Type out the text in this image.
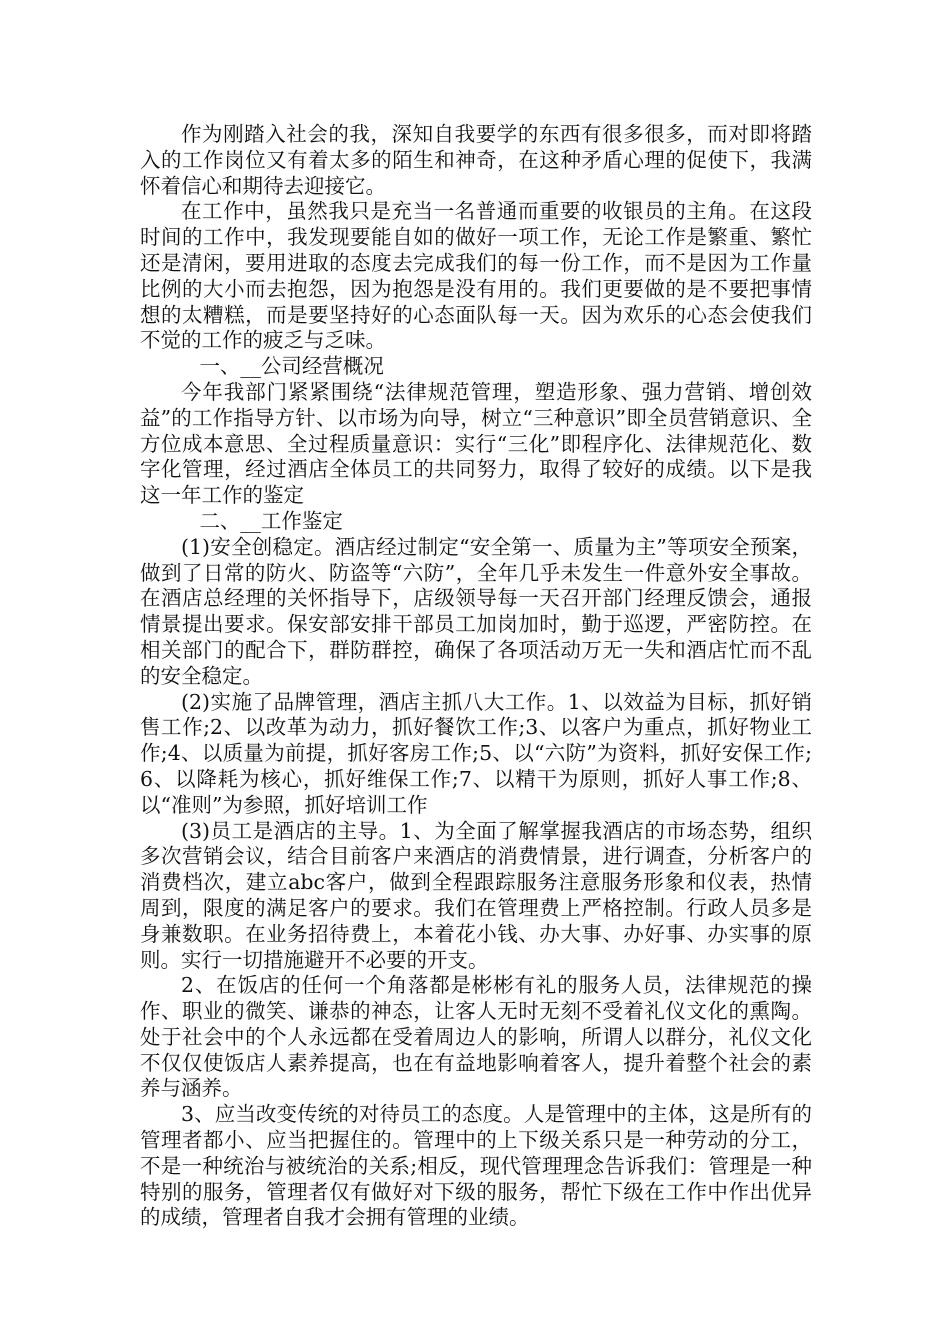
作为刚踏入社会的我，深知自我要学的东西有很多很多，而对即将踏入的工作岗位又有着太多的陌生和神奇，在这种矛盾心理的促使下，我满怀着信心和期待去迎接它。

在工作中，虽然我只是充当一名普通而重要的收银员的主角。在这段时间的工作中，我发现要能自如的做好一项工作，无论工作是繁重、繁忙还是清闲，要用进取的态度去完成我们的每一份工作，而不是因为工作量比例的大小而去抱怨，因为抱怨是没有用的。我们更要做的是不要把事情想的太糟糕，而是要坚持好的心态面队每一天。因为欢乐的心态会使我们不觉的工作的疲乏与乏味。

一、__公司经营概况

今年我部门紧紧围绕“法律规范管理，塑造形象、强力营销、增创效益”的工作指导方针、以市场为向导，树立“三种意识”即全员营销意识、全方位成本意思、全过程质量意识：实行“三化”即程序化、法律规范化、数字化管理，经过酒店全体员工的共同努力，取得了较好的成绩。以下是我这一年工作的鉴定

二、__工作鉴定

(1)安全创稳定。酒店经过制定“安全第一、质量为主”等项安全预案，做到了日常的防火、防盗等“六防”，全年几乎未发生一件意外安全事故。在酒店总经理的关怀指导下，店级领导每一天召开部门经理反馈会，通报情景提出要求。保安部安排干部员工加岗加时，勤于巡逻，严密防控。在相关部门的配合下，群防群控，确保了各项活动万无一失和酒店忙而不乱的安全稳定。

(2)实施了品牌管理，酒店主抓八大工作。1、以效益为目标，抓好销售工作;2、以改革为动力，抓好餐饮工作;3、以客户为重点，抓好物业工作;4、以质量为前提，抓好客房工作;5、以“六防”为资料，抓好安保工作;6、以降耗为核心，抓好维保工作;7、以精干为原则，抓好人事工作;8、以“准则”为参照，抓好培训工作

(3)员工是酒店的主导。1、为全面了解掌握我酒店的市场态势，组织多次营销会议，结合目前客户来酒店的消费情景，进行调查，分析客户的消费档次，建立abc客户，做到全程跟踪服务注意服务形象和仪表，热情周到，限度的满足客户的要求。我们在管理费上严格控制。行政人员多是身兼数职。在业务招待费上，本着花小钱、办大事、办好事、办实事的原则。实行一切措施避开不必要的开支。

2、在饭店的任何一个角落都是彬彬有礼的服务人员，法律规范的操作、职业的微笑、谦恭的神态，让客人无时无刻不受着礼仪文化的熏陶。处于社会中的个人永远都在受着周边人的影响，所谓人以群分，礼仪文化不仅仅使饭店人素养提高，也在有益地影响着客人，提升着整个社会的素养与涵养。

3、应当改变传统的对待员工的态度。人是管理中的主体，这是所有的管理者都小、应当把握住的。管理中的上下级关系只是一种劳动的分工，不是一种统治与被统治的关系;相反，现代管理理念告诉我们：管理是一种特别的服务，管理者仅有做好对下级的服务，帮忙下级在工作中作出优异的成绩，管理者自我才会拥有管理的业绩。
